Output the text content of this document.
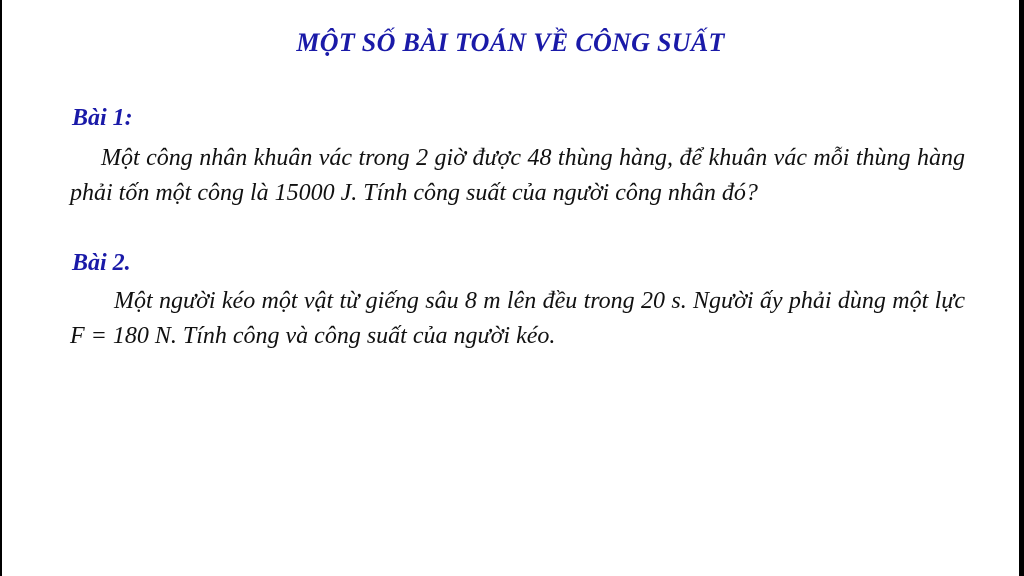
MỘT SỐ BÀI TOÁN VỀ CÔNG SUẤT
Bài 1:
Một công nhân khuân vác trong 2 giờ được 48 thùng hàng, để khuân vác mỗi thùng hàng phải tốn một công là 15000 J. Tính công suất của người công nhân đó?
Bài 2.
Một người kéo một vật từ giếng sâu 8 m lên đều trong 20 s. Người ấy phải dùng một lực F = 180 N. Tính công và công suất của người kéo.
